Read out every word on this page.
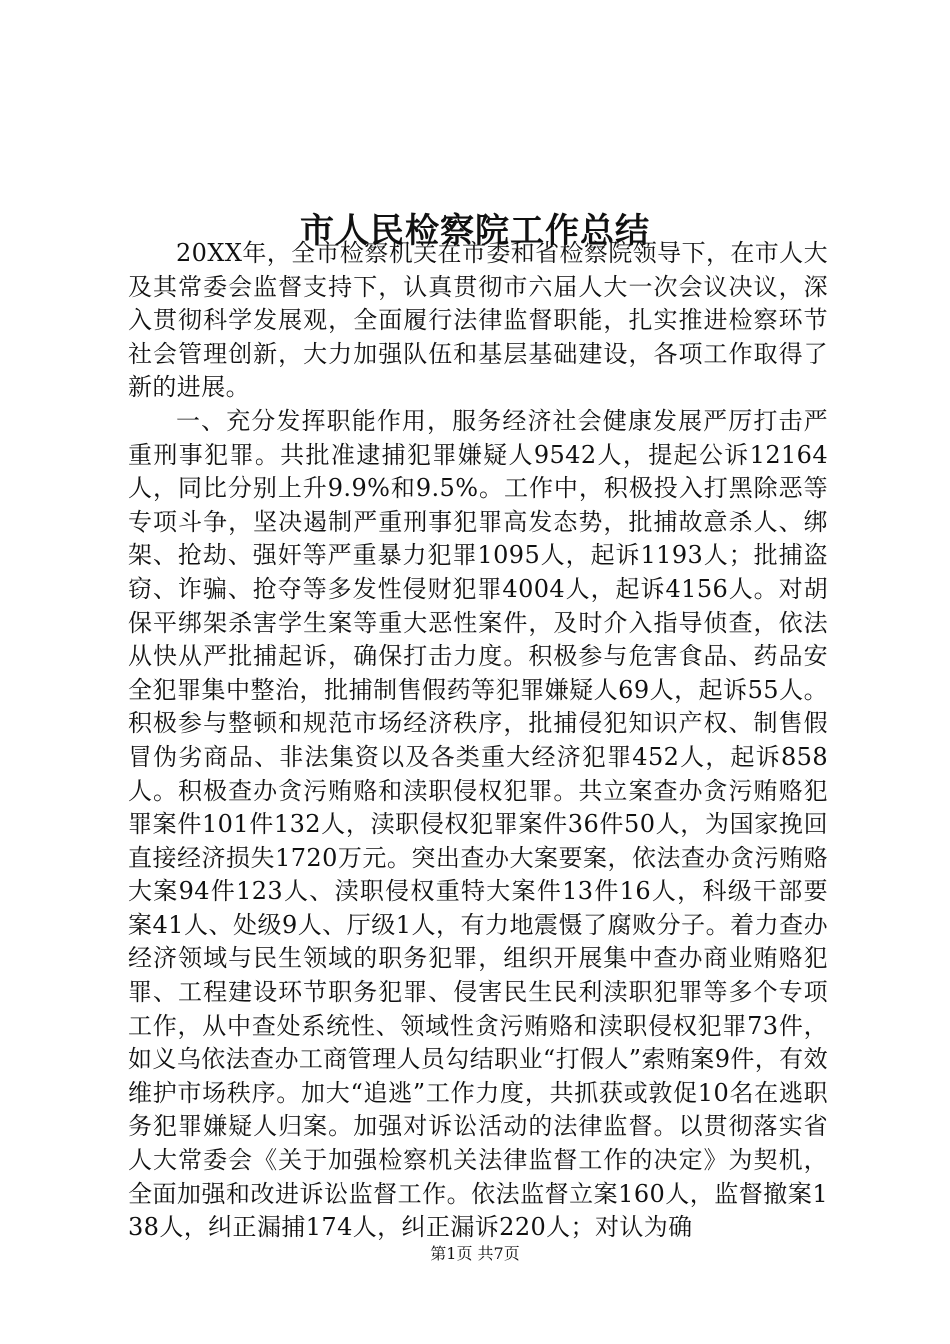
市人民检察院工作总结

20XX年，全市检察机关在市委和省检察院领导下，在市人大及其常委会监督支持下，认真贯彻市六届人大一次会议决议，深入贯彻科学发展观，全面履行法律监督职能，扎实推进检察环节社会管理创新，大力加强队伍和基层基础建设，各项工作取得了新的进展。

一、充分发挥职能作用，服务经济社会健康发展严厉打击严重刑事犯罪。共批准逮捕犯罪嫌疑人9542人，提起公诉12164人，同比分别上升9.9%和9.5%。工作中，积极投入打黑除恶等专项斗争，坚决遏制严重刑事犯罪高发态势，批捕故意杀人、绑架、抢劫、强奸等严重暴力犯罪1095人，起诉1193人；批捕盗窃、诈骗、抢夺等多发性侵财犯罪4004人，起诉4156人。对胡保平绑架杀害学生案等重大恶性案件，及时介入指导侦查，依法从快从严批捕起诉，确保打击力度。积极参与危害食品、药品安全犯罪集中整治，批捕制售假药等犯罪嫌疑人69人，起诉55人。积极参与整顿和规范市场经济秩序，批捕侵犯知识产权、制售假冒伪劣商品、非法集资以及各类重大经济犯罪452人，起诉858人。积极查办贪污贿赂和渎职侵权犯罪。共立案查办贪污贿赂犯罪案件101件132人，渎职侵权犯罪案件36件50人，为国家挽回直接经济损失1720万元。突出查办大案要案，依法查办贪污贿赂大案94件123人、渎职侵权重特大案件13件16人，科级干部要案41人、处级9人、厅级1人，有力地震慑了腐败分子。着力查办经济领域与民生领域的职务犯罪，组织开展集中查办商业贿赂犯罪、工程建设环节职务犯罪、侵害民生民利渎职犯罪等多个专项工作，从中查处系统性、领域性贪污贿赂和渎职侵权犯罪73件，如义乌依法查办工商管理人员勾结职业“打假人”索贿案9件，有效维护市场秩序。加大“追逃”工作力度，共抓获或敦促10名在逃职务犯罪嫌疑人归案。加强对诉讼活动的法律监督。以贯彻落实省人大常委会《关于加强检察机关法律监督工作的决定》为契机，全面加强和改进诉讼监督工作。依法监督立案160人，监督撤案138人，纠正漏捕174人，纠正漏诉220人；对认为确

第1页 共7页
